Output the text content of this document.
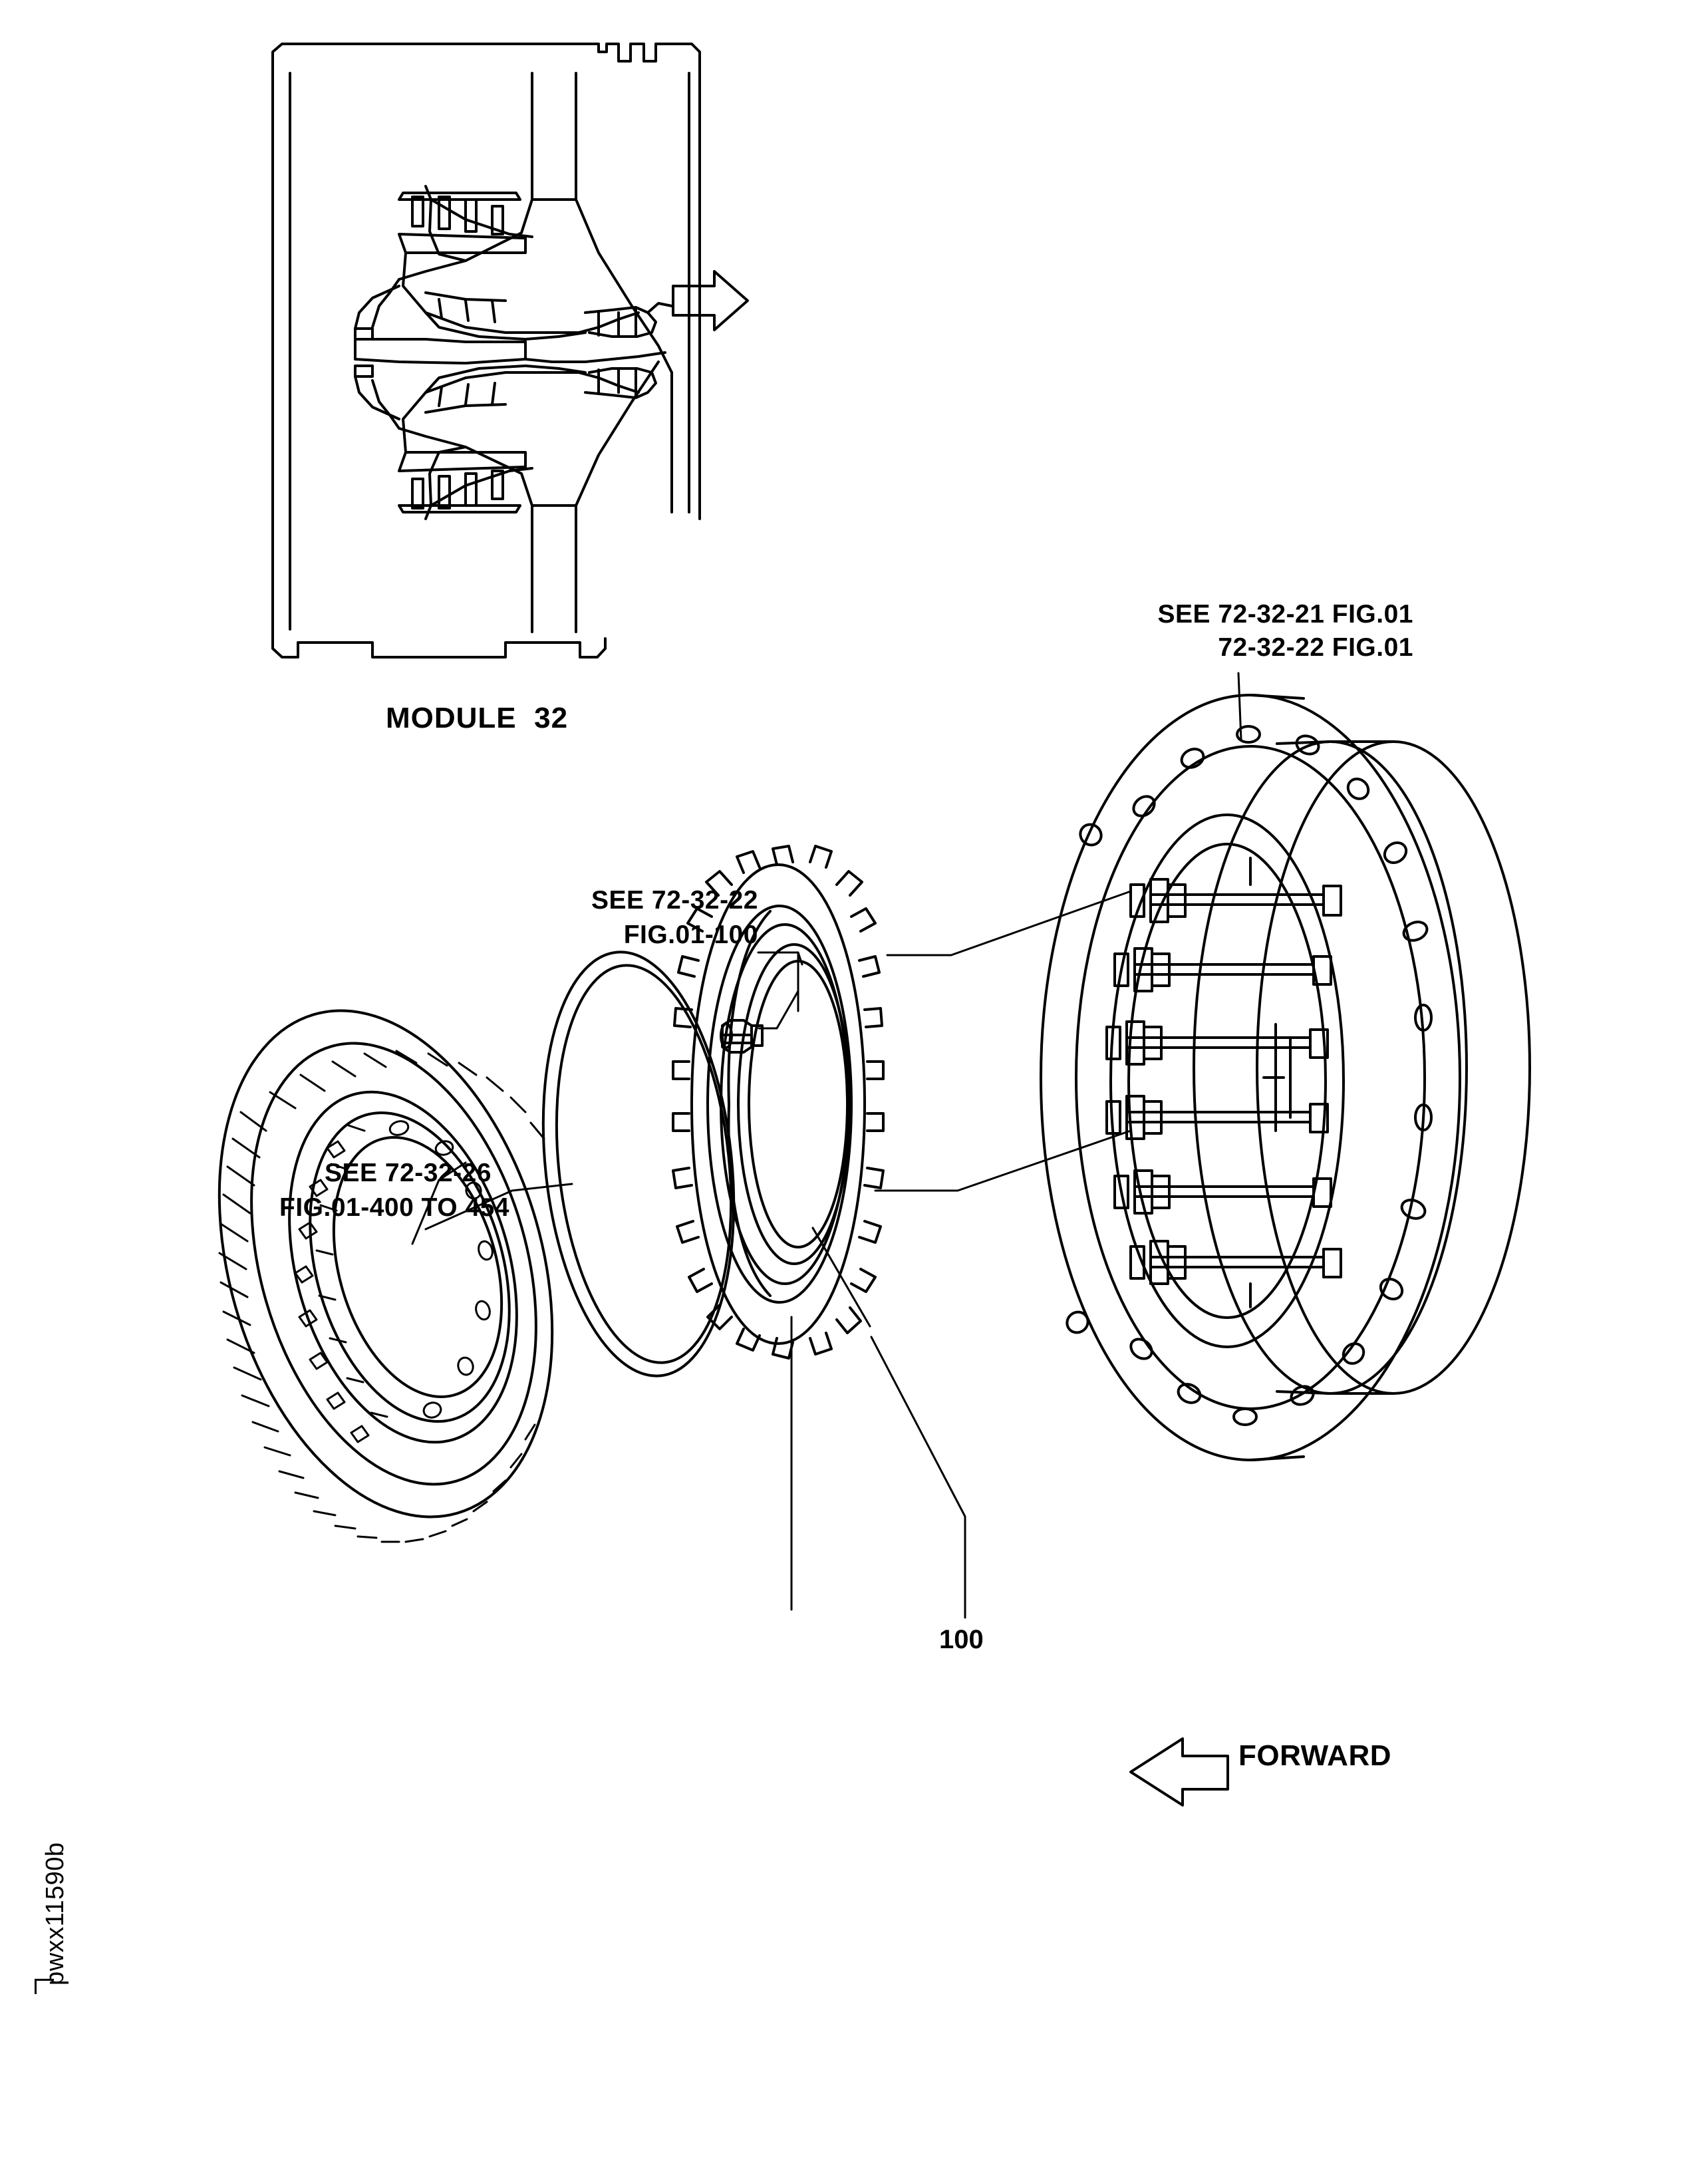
MODULE  32
SEE 72-32-21 FIG.01
72-32-22 FIG.01
SEE 72-32-22
FIG.01-100
SEE 72-32-26
FIG.01-400 TO 454
100
FORWARD
pwxx11590b
